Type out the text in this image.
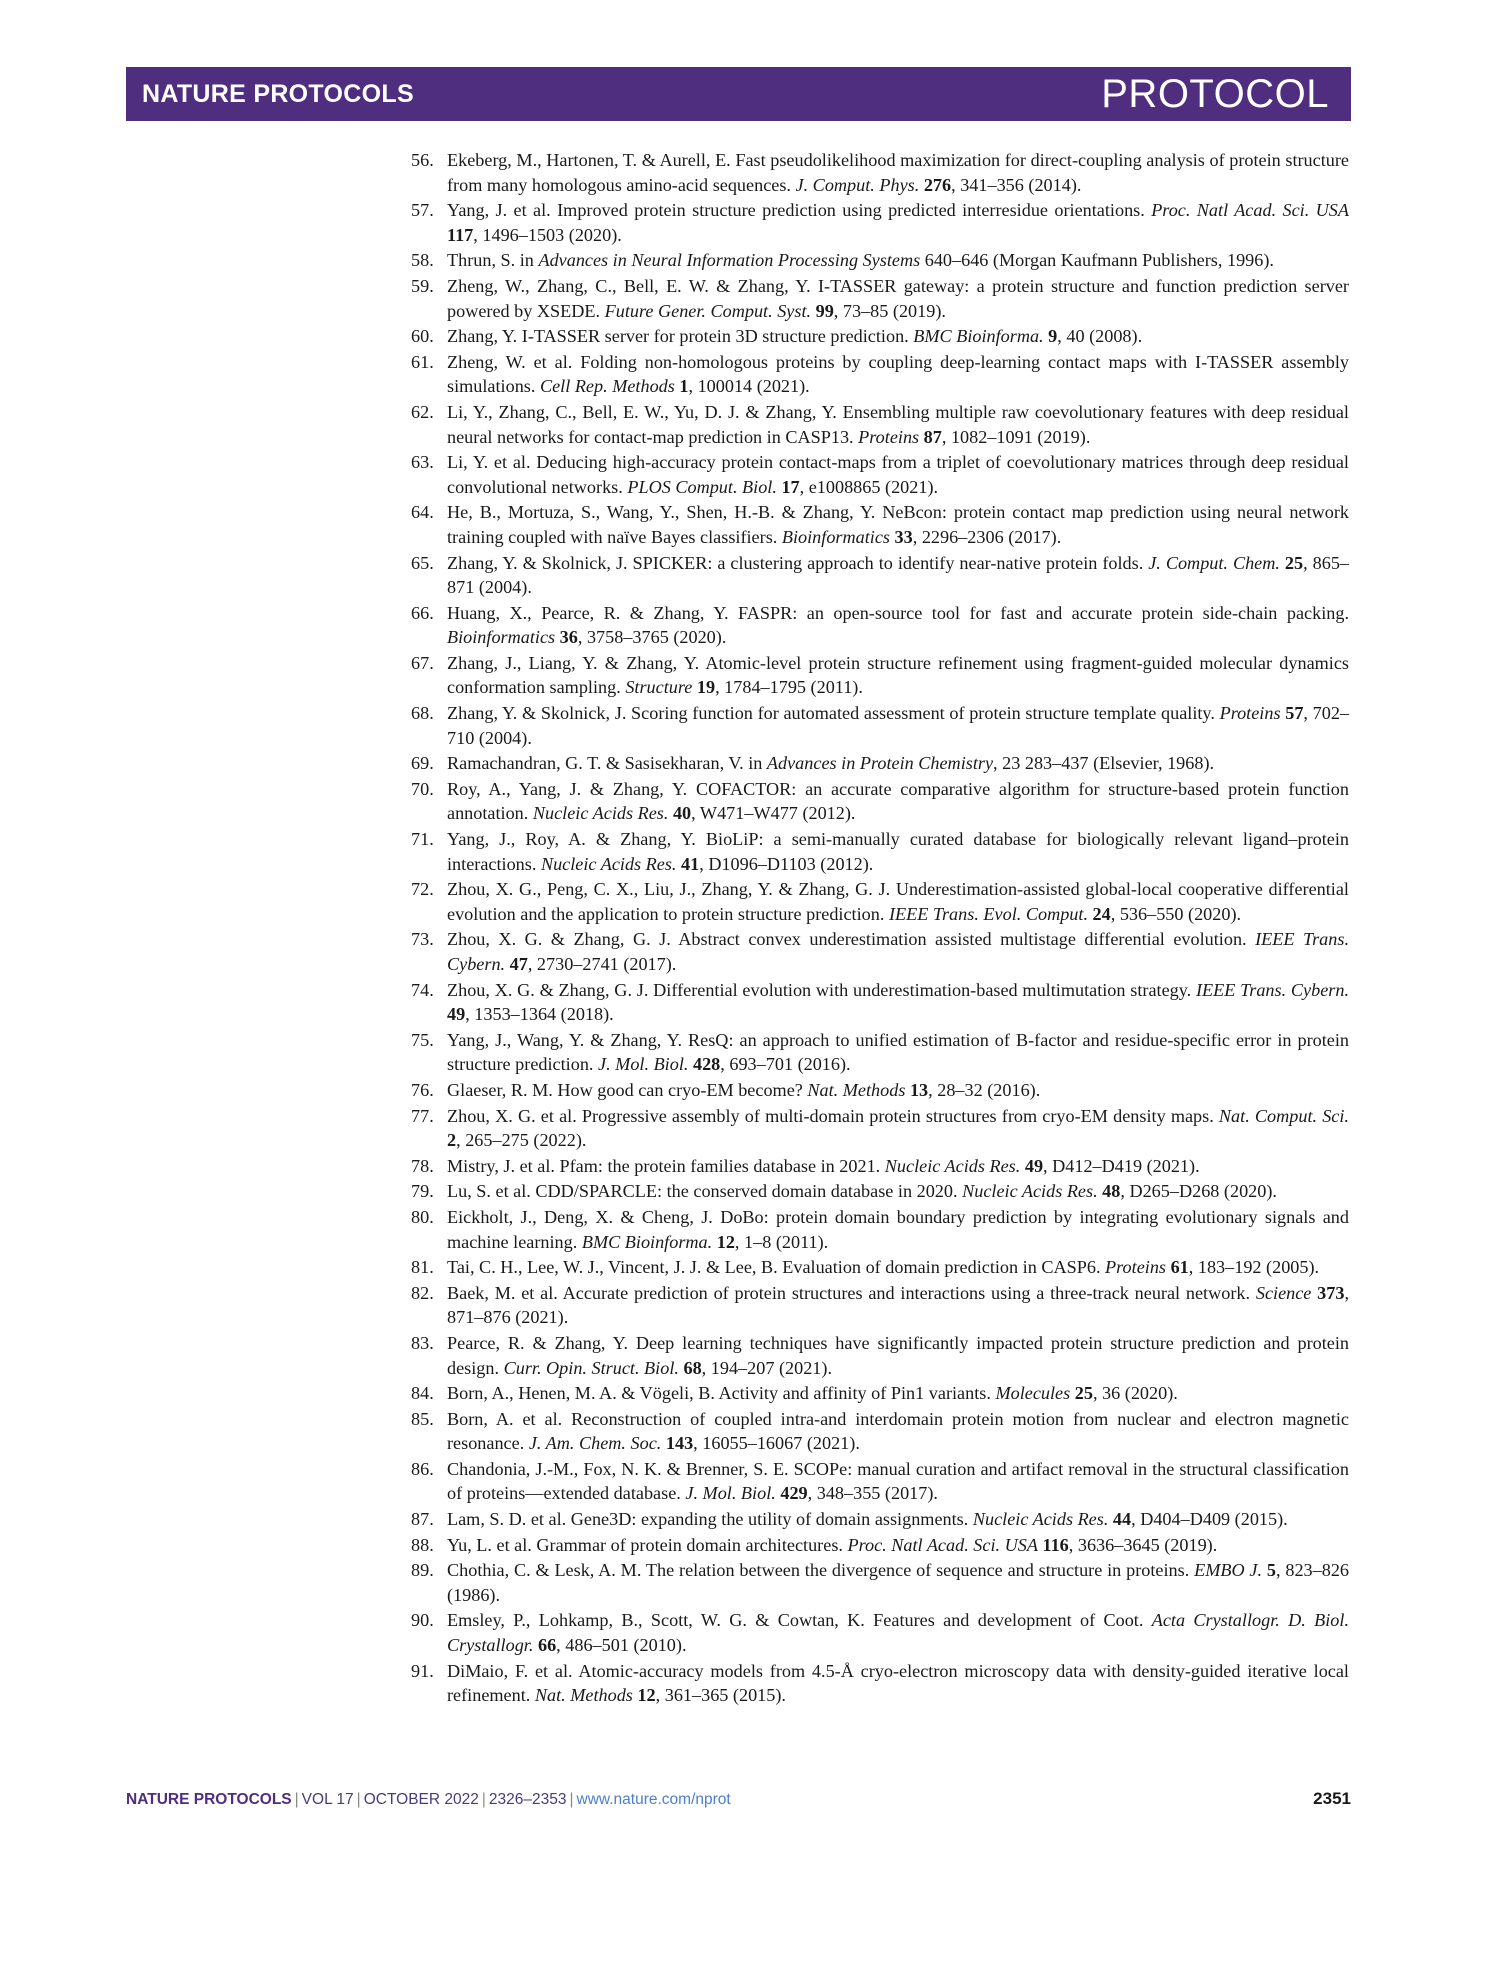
NATURE PROTOCOLS	PROTOCOL
56. Ekeberg, M., Hartonen, T. & Aurell, E. Fast pseudolikelihood maximization for direct-coupling analysis of protein structure from many homologous amino-acid sequences. J. Comput. Phys. 276, 341–356 (2014).
57. Yang, J. et al. Improved protein structure prediction using predicted interresidue orientations. Proc. Natl Acad. Sci. USA 117, 1496–1503 (2020).
58. Thrun, S. in Advances in Neural Information Processing Systems 640–646 (Morgan Kaufmann Publishers, 1996).
59. Zheng, W., Zhang, C., Bell, E. W. & Zhang, Y. I-TASSER gateway: a protein structure and function prediction server powered by XSEDE. Future Gener. Comput. Syst. 99, 73–85 (2019).
60. Zhang, Y. I-TASSER server for protein 3D structure prediction. BMC Bioinforma. 9, 40 (2008).
61. Zheng, W. et al. Folding non-homologous proteins by coupling deep-learning contact maps with I-TASSER assembly simulations. Cell Rep. Methods 1, 100014 (2021).
62. Li, Y., Zhang, C., Bell, E. W., Yu, D. J. & Zhang, Y. Ensembling multiple raw coevolutionary features with deep residual neural networks for contact-map prediction in CASP13. Proteins 87, 1082–1091 (2019).
63. Li, Y. et al. Deducing high-accuracy protein contact-maps from a triplet of coevolutionary matrices through deep residual convolutional networks. PLOS Comput. Biol. 17, e1008865 (2021).
64. He, B., Mortuza, S., Wang, Y., Shen, H.-B. & Zhang, Y. NeBcon: protein contact map prediction using neural network training coupled with naïve Bayes classifiers. Bioinformatics 33, 2296–2306 (2017).
65. Zhang, Y. & Skolnick, J. SPICKER: a clustering approach to identify near-native protein folds. J. Comput. Chem. 25, 865–871 (2004).
66. Huang, X., Pearce, R. & Zhang, Y. FASPR: an open-source tool for fast and accurate protein side-chain packing. Bioinformatics 36, 3758–3765 (2020).
67. Zhang, J., Liang, Y. & Zhang, Y. Atomic-level protein structure refinement using fragment-guided molecular dynamics conformation sampling. Structure 19, 1784–1795 (2011).
68. Zhang, Y. & Skolnick, J. Scoring function for automated assessment of protein structure template quality. Proteins 57, 702–710 (2004).
69. Ramachandran, G. T. & Sasisekharan, V. in Advances in Protein Chemistry, 23 283–437 (Elsevier, 1968).
70. Roy, A., Yang, J. & Zhang, Y. COFACTOR: an accurate comparative algorithm for structure-based protein function annotation. Nucleic Acids Res. 40, W471–W477 (2012).
71. Yang, J., Roy, A. & Zhang, Y. BioLiP: a semi-manually curated database for biologically relevant ligand–protein interactions. Nucleic Acids Res. 41, D1096–D1103 (2012).
72. Zhou, X. G., Peng, C. X., Liu, J., Zhang, Y. & Zhang, G. J. Underestimation-assisted global-local cooperative differential evolution and the application to protein structure prediction. IEEE Trans. Evol. Comput. 24, 536–550 (2020).
73. Zhou, X. G. & Zhang, G. J. Abstract convex underestimation assisted multistage differential evolution. IEEE Trans. Cybern. 47, 2730–2741 (2017).
74. Zhou, X. G. & Zhang, G. J. Differential evolution with underestimation-based multimutation strategy. IEEE Trans. Cybern. 49, 1353–1364 (2018).
75. Yang, J., Wang, Y. & Zhang, Y. ResQ: an approach to unified estimation of B-factor and residue-specific error in protein structure prediction. J. Mol. Biol. 428, 693–701 (2016).
76. Glaeser, R. M. How good can cryo-EM become? Nat. Methods 13, 28–32 (2016).
77. Zhou, X. G. et al. Progressive assembly of multi-domain protein structures from cryo-EM density maps. Nat. Comput. Sci. 2, 265–275 (2022).
78. Mistry, J. et al. Pfam: the protein families database in 2021. Nucleic Acids Res. 49, D412–D419 (2021).
79. Lu, S. et al. CDD/SPARCLE: the conserved domain database in 2020. Nucleic Acids Res. 48, D265–D268 (2020).
80. Eickholt, J., Deng, X. & Cheng, J. DoBo: protein domain boundary prediction by integrating evolutionary signals and machine learning. BMC Bioinforma. 12, 1–8 (2011).
81. Tai, C. H., Lee, W. J., Vincent, J. J. & Lee, B. Evaluation of domain prediction in CASP6. Proteins 61, 183–192 (2005).
82. Baek, M. et al. Accurate prediction of protein structures and interactions using a three-track neural network. Science 373, 871–876 (2021).
83. Pearce, R. & Zhang, Y. Deep learning techniques have significantly impacted protein structure prediction and protein design. Curr. Opin. Struct. Biol. 68, 194–207 (2021).
84. Born, A., Henen, M. A. & Vögeli, B. Activity and affinity of Pin1 variants. Molecules 25, 36 (2020).
85. Born, A. et al. Reconstruction of coupled intra-and interdomain protein motion from nuclear and electron magnetic resonance. J. Am. Chem. Soc. 143, 16055–16067 (2021).
86. Chandonia, J.-M., Fox, N. K. & Brenner, S. E. SCOPe: manual curation and artifact removal in the structural classification of proteins—extended database. J. Mol. Biol. 429, 348–355 (2017).
87. Lam, S. D. et al. Gene3D: expanding the utility of domain assignments. Nucleic Acids Res. 44, D404–D409 (2015).
88. Yu, L. et al. Grammar of protein domain architectures. Proc. Natl Acad. Sci. USA 116, 3636–3645 (2019).
89. Chothia, C. & Lesk, A. M. The relation between the divergence of sequence and structure in proteins. EMBO J. 5, 823–826 (1986).
90. Emsley, P., Lohkamp, B., Scott, W. G. & Cowtan, K. Features and development of Coot. Acta Crystallogr. D. Biol. Crystallogr. 66, 486–501 (2010).
91. DiMaio, F. et al. Atomic-accuracy models from 4.5-Å cryo-electron microscopy data with density-guided iterative local refinement. Nat. Methods 12, 361–365 (2015).
NATURE PROTOCOLS | VOL 17 | OCTOBER 2022 | 2326–2353 | www.nature.com/nprot	2351
